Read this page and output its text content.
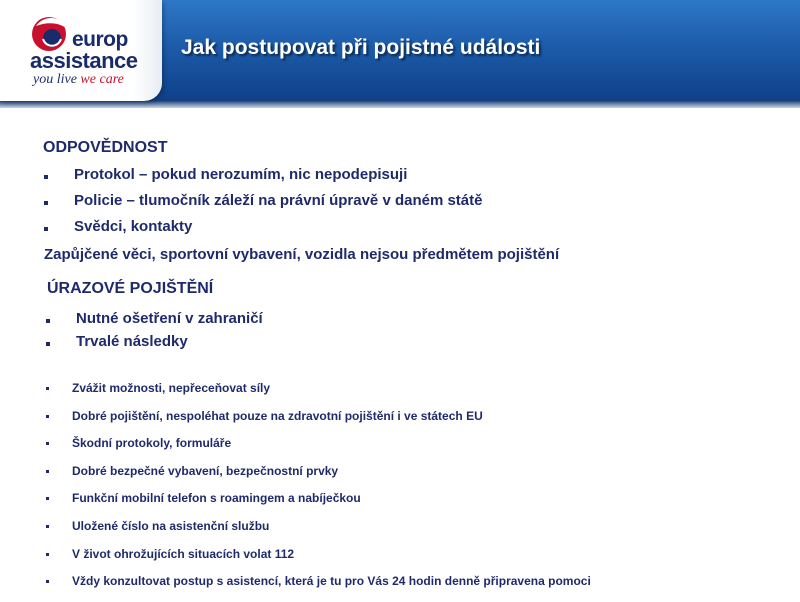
europ
assistance
you live we care
Jak postupovat při pojistné události
ODPOVĚDNOST
Protokol – pokud nerozumím, nic nepodepisuji
Policie – tlumočník záleží na právní úpravě v daném státě
Svědci, kontakty
Zapůjčené věci, sportovní vybavení, vozidla nejsou předmětem pojištění
ÚRAZOVÉ POJIŠTĚNÍ
Nutné ošetření v zahraničí
Trvalé následky
Zvážit možnosti, nepřeceňovat síly
Dobré pojištění, nespoléhat pouze na zdravotní pojištění i ve státech EU
Škodní protokoly, formuláře
Dobré bezpečné vybavení, bezpečnostní prvky
Funkční mobilní telefon s roamingem a nabíječkou
Uložené číslo na asistenční službu
V život ohrožujících situacích volat 112
Vždy konzultovat postup s asistencí, která je tu pro Vás 24 hodin denně připravena pomoci
